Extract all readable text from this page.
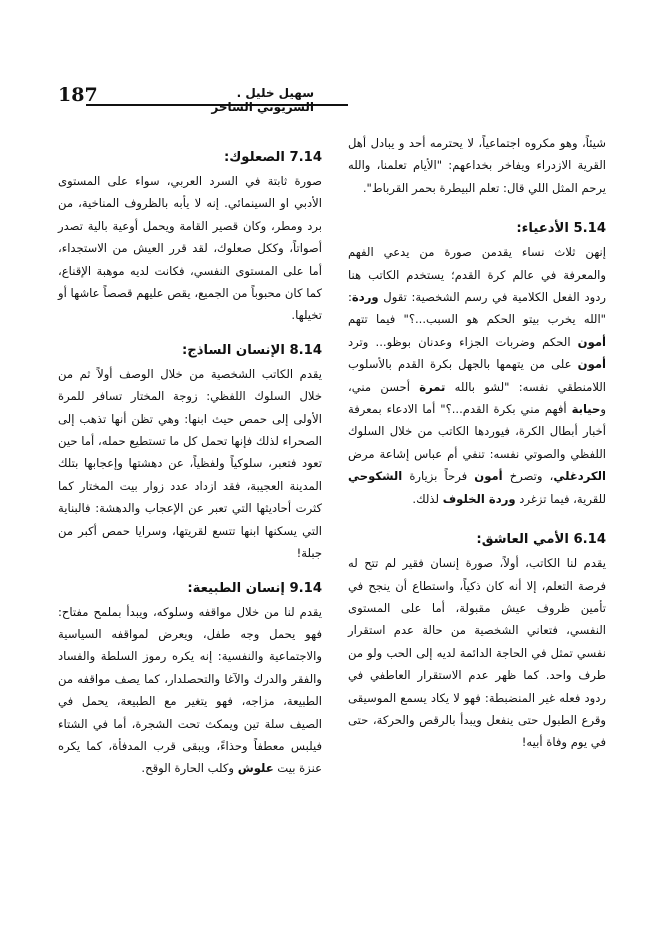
187	سهيل خليل . السريوني الساخر

شيئاً، وهو مكروه اجتماعياً، لا يحترمه أحد و يبادل أهل القرية الازدراء ويفاخر بخداعهم: "الأيام تعلمنا، والله يرحم المثل اللي قال: تعلم البيطرة بحمر القرباط".

5.14 الأدعياء:

إنهن ثلاث نساء يقدمن صورة من يدعي الفهم والمعرفة في عالم كرة القدم؛ يستخدم الكاتب هنا ردود الفعل الكلامية في رسم الشخصية: تقول وردة: "الله يخرب بيتو الحكم هو السبب...؟" فيما تتهم أمون الحكم وضربات الجزاء وعدنان بوظو... وترد أمون على من يتهمها بالجهل بكرة القدم بالأسلوب اللامنطقي نفسه: "لشو بالله تمرة أحسن مني، وحيابة أفهم مني بكرة القدم...؟" أما الادعاء بمعرفة أخبار أبطال الكرة، فيوردها الكاتب من خلال السلوك اللفظي والصوتي نفسه: تنفي أم عباس إشاعة مرض الكردغلي، وتصرخ أمون فرحاً بزيارة الشكوحي للقرية، فيما تزغرد وردة الخلوف لذلك.

6.14 الأمي العاشق:

يقدم لنا الكاتب، أولاً، صورة إنسان فقير لم تتح له فرصة التعلم، إلا أنه كان ذكياً، واستطاع أن ينجح في تأمين ظروف عيش مقبولة، أما على المستوى النفسي، فتعاني الشخصية من حالة عدم استقرار نفسي تمثل في الحاجة الدائمة لديه إلى الحب ولو من طرف واحد. كما ظهر عدم الاستقرار العاطفي في ردود فعله غير المنضبطة: فهو لا يكاد يسمع الموسيقى وقرع الطبول حتى ينفعل ويبدأ بالرقص والحركة، حتى في يوم وفاة أبيه!

7.14 الصعلوك:

صورة ثابتة في السرد العربي، سواء على المستوى الأدبي او السينمائي. إنه لا يأبه بالظروف المناخية، من برد ومطر، وكان قصير القامة ويحمل أوعية بالية تصدر أصواتاً، وككل صعلوك، لقد قرر العيش من الاستجداء، أما على المستوى النفسي، فكانت لديه موهبة الإقناع، كما كان محبوباً من الجميع، يقص عليهم قصصاً عاشها أو تخيلها.

8.14 الإنسان الساذج:

يقدم الكاتب الشخصية من خلال الوصف أولاً ثم من خلال السلوك اللفظي: زوجة المختار تسافر للمرة الأولى إلى حمص حيث ابنها: وهي تظن أنها تذهب إلى الصحراء لذلك فإنها تحمل كل ما تستطيع حمله، أما حين تعود فتعبر، سلوكياً ولفظياً، عن دهشتها وإعجابها بتلك المدينة العجيبة، فقد ازداد عدد زوار بيت المختار كما كثرت أحاديثها التي تعبر عن الإعجاب والدهشة: فالبناية التي يسكنها ابنها تتسع لقريتها، وسرايا حمص أكبر من جبلة!

9.14 إنسان الطبيعة:

يقدم لنا من خلال مواقفه وسلوكه، ويبدأ بملمح مفتاح: فهو يحمل وجه طفل، ويعرض لمواقفه السياسية والاجتماعية والنفسية: إنه يكره رموز السلطة والفساد والفقر والدرك والآغا والتحصلدار، كما يصف مواقفه من الطبيعة، مزاجه، فهو يتغير مع الطبيعة، يحمل في الصيف سلة تين ويمكث تحت الشجرة، أما في الشتاء فيلبس معطفاً وحذاءً، ويبقى قرب المدفأة، كما يكره عنزة بيت علوش وكلب الحارة الوقح.
